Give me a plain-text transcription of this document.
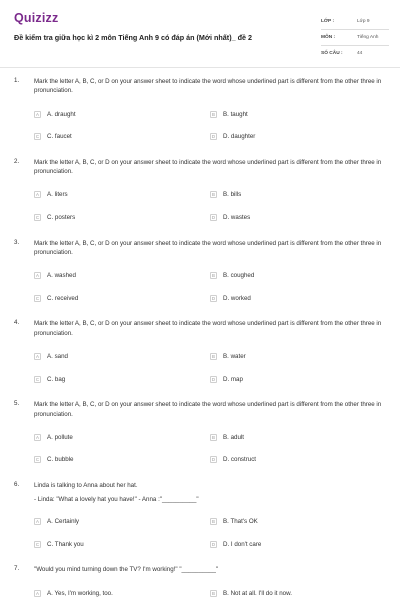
Quizizz
Đề kiểm tra giữa học kì 2 môn Tiếng Anh 9 có đáp án (Mới nhất)_ đề 2
LỚP :	Lớp 9
MÔN :	Tiếng Anh
SỐ CÂU :	44
1. Mark the letter A, B, C, or D on your answer sheet to indicate the word whose underlined part is different from the other three in pronunciation.
A	A. draught	B	B. taught
C	C. faucet	D	D. daughter
2. Mark the letter A, B, C, or D on your answer sheet to indicate the word whose underlined part is different from the other three in pronunciation.
A	A. liters	B	B. bills
C	C. posters	D	D. wastes
3. Mark the letter A, B, C, or D on your answer sheet to indicate the word whose underlined part is different from the other three in pronunciation.
A	A. washed	B	B. coughed
C	C. received	D	D. worked
4. Mark the letter A, B, C, or D on your answer sheet to indicate the word whose underlined part is different from the other three in pronunciation.
A	A. sand	B	B. water
C	C. bag	D	D. map
5. Mark the letter A, B, C, or D on your answer sheet to indicate the word whose underlined part is different from the other three in pronunciation.
A	A. pollute	B	B. adult
C	C. bubble	D	D. construct
6. Linda is talking to Anna about her hat.
- Linda: "What a lovely hat you have!" - Anna :"__________"
A	A. Certainly	B	B. That's OK
C	C. Thank you	D	D. I don't care
7. "Would you mind turning down the TV? I'm working!" "__________"
A	A. Yes, I'm working, too.	B	B. Not at all. I'll do it now.
